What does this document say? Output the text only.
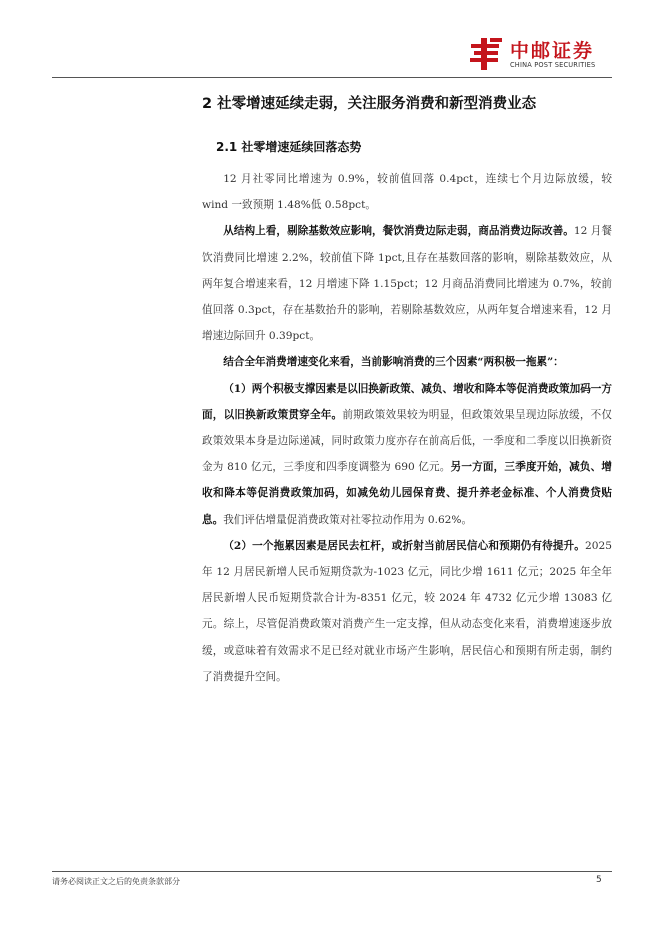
中邮证券
CHINA POST SECURITIES
2 社零增速延续走弱，关注服务消费和新型消费业态
2.1 社零增速延续回落态势

12 月社零同比增速为 0.9%，较前值回落 0.4pct，连续七个月边际放缓，较 wind 一致预期 1.48%低 0.58pct。

从结构上看，剔除基数效应影响，餐饮消费边际走弱，商品消费边际改善。12 月餐饮消费同比增速 2.2%，较前值下降 1pct,且存在基数回落的影响，剔除基数效应，从两年复合增速来看，12 月增速下降 1.15pct；12 月商品消费同比增速为 0.7%，较前值回落 0.3pct，存在基数抬升的影响，若剔除基数效应，从两年复合增速来看，12 月增速边际回升 0.39pct。

结合全年消费增速变化来看，当前影响消费的三个因素“两积极一拖累”：

（1）两个积极支撑因素是以旧换新政策、减负、增收和降本等促消费政策加码一方面，以旧换新政策贯穿全年。前期政策效果较为明显，但政策效果呈现边际放缓，不仅政策效果本身是边际递减，同时政策力度亦存在前高后低，一季度和二季度以旧换新资金为 810 亿元，三季度和四季度调整为 690 亿元。另一方面，三季度开始，减负、增收和降本等促消费政策加码，如减免幼儿园保育费、提升养老金标准、个人消费贷贴息。我们评估增量促消费政策对社零拉动作用为 0.62%。

（2）一个拖累因素是居民去杠杆，或折射当前居民信心和预期仍有待提升。2025 年 12 月居民新增人民币短期贷款为-1023 亿元，同比少增 1611 亿元；2025 年全年居民新增人民币短期贷款合计为-8351 亿元，较 2024 年 4732 亿元少增 13083 亿元。综上，尽管促消费政策对消费产生一定支撑，但从动态变化来看，消费增速逐步放缓，或意味着有效需求不足已经对就业市场产生影响，居民信心和预期有所走弱，制约了消费提升空间。

请务必阅读正文之后的免责条款部分	5
